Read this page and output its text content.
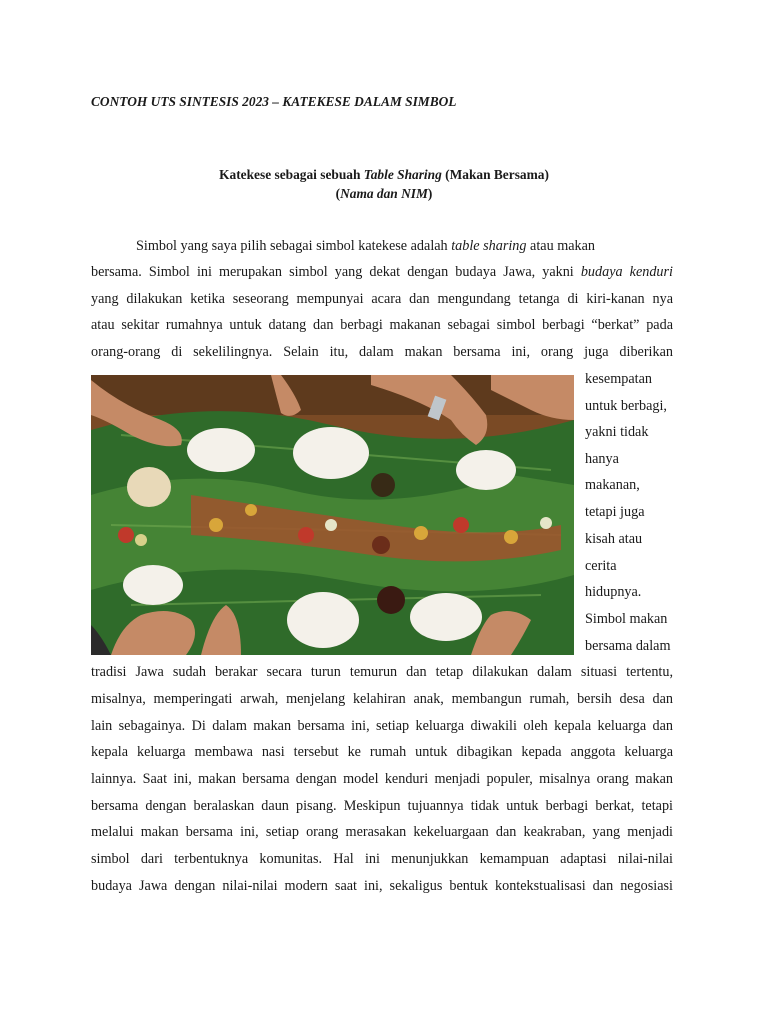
CONTOH UTS SINTESIS 2023 – KATEKESE DALAM SIMBOL
Katekese sebagai sebuah Table Sharing (Makan Bersama)
(Nama dan NIM)
Simbol yang saya pilih sebagai simbol katekese adalah table sharing atau makan
bersama. Simbol ini merupakan simbol yang dekat dengan budaya Jawa, yakni budaya kenduri
yang dilakukan ketika seseorang mempunyai acara dan mengundang tetanga di kiri-kanan nya
atau sekitar rumahnya untuk datang dan berbagi makanan sebagai simbol berbagi “berkat” pada
orang-orang di sekelilingnya. Selain itu, dalam makan bersama ini, orang juga diberikan
kesempatan
untuk berbagi,
yakni tidak
hanya
makanan,
tetapi juga
kisah atau
cerita
hidupnya.
Simbol makan
bersama dalam
tradisi Jawa sudah berakar secara turun temurun dan tetap dilakukan dalam situasi tertentu,
misalnya, memperingati arwah, menjelang kelahiran anak, membangun rumah, bersih desa dan
lain sebagainya. Di dalam makan bersama ini, setiap keluarga diwakili oleh kepala keluarga dan
kepala keluarga membawa nasi tersebut ke rumah untuk dibagikan kepada anggota keluarga
lainnya. Saat ini, makan bersama dengan model kenduri menjadi populer, misalnya orang makan
bersama dengan beralaskan daun pisang. Meskipun tujuannya tidak untuk berbagi berkat, tetapi
melalui makan bersama ini, setiap orang merasakan kekeluargaan dan keakraban, yang menjadi
simbol dari terbentuknya komunitas. Hal ini menunjukkan kemampuan adaptasi nilai-nilai
budaya Jawa dengan nilai-nilai modern saat ini, sekaligus bentuk kontekstualisasi dan negosiasi
